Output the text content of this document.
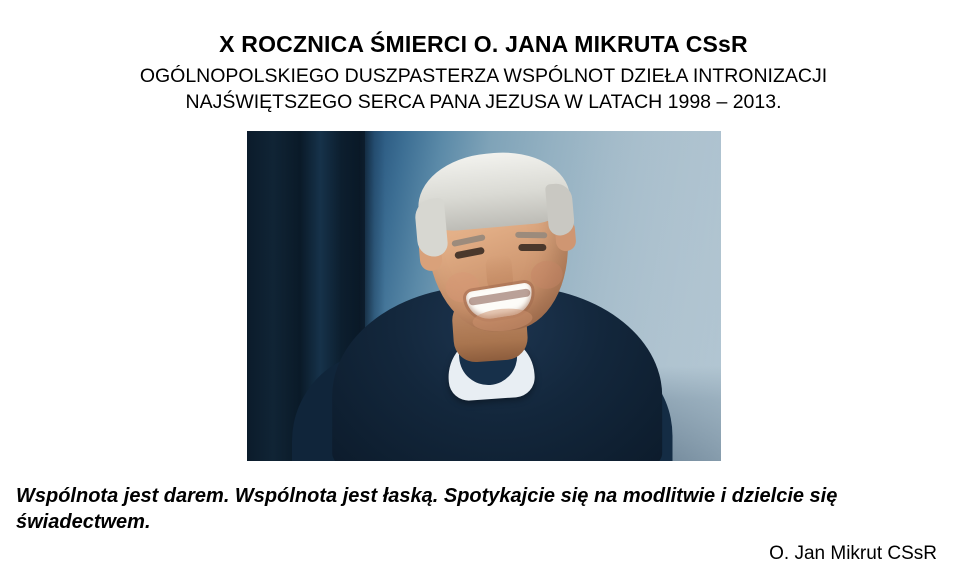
X ROCZNICA ŚMIERCI O. JANA MIKRUTA CSsR

OGÓLNOPOLSKIEGO DUSZPASTERZA WSPÓLNOT DZIEŁA INTRONIZACJI

NAJŚWIĘTSZEGO SERCA PANA JEZUSA W LATACH 1998 – 2013.

Wspólnota jest darem. Wspólnota jest łaską. Spotykajcie się na modlitwie i dzielcie się świadectwem.

O. Jan Mikrut CSsR
